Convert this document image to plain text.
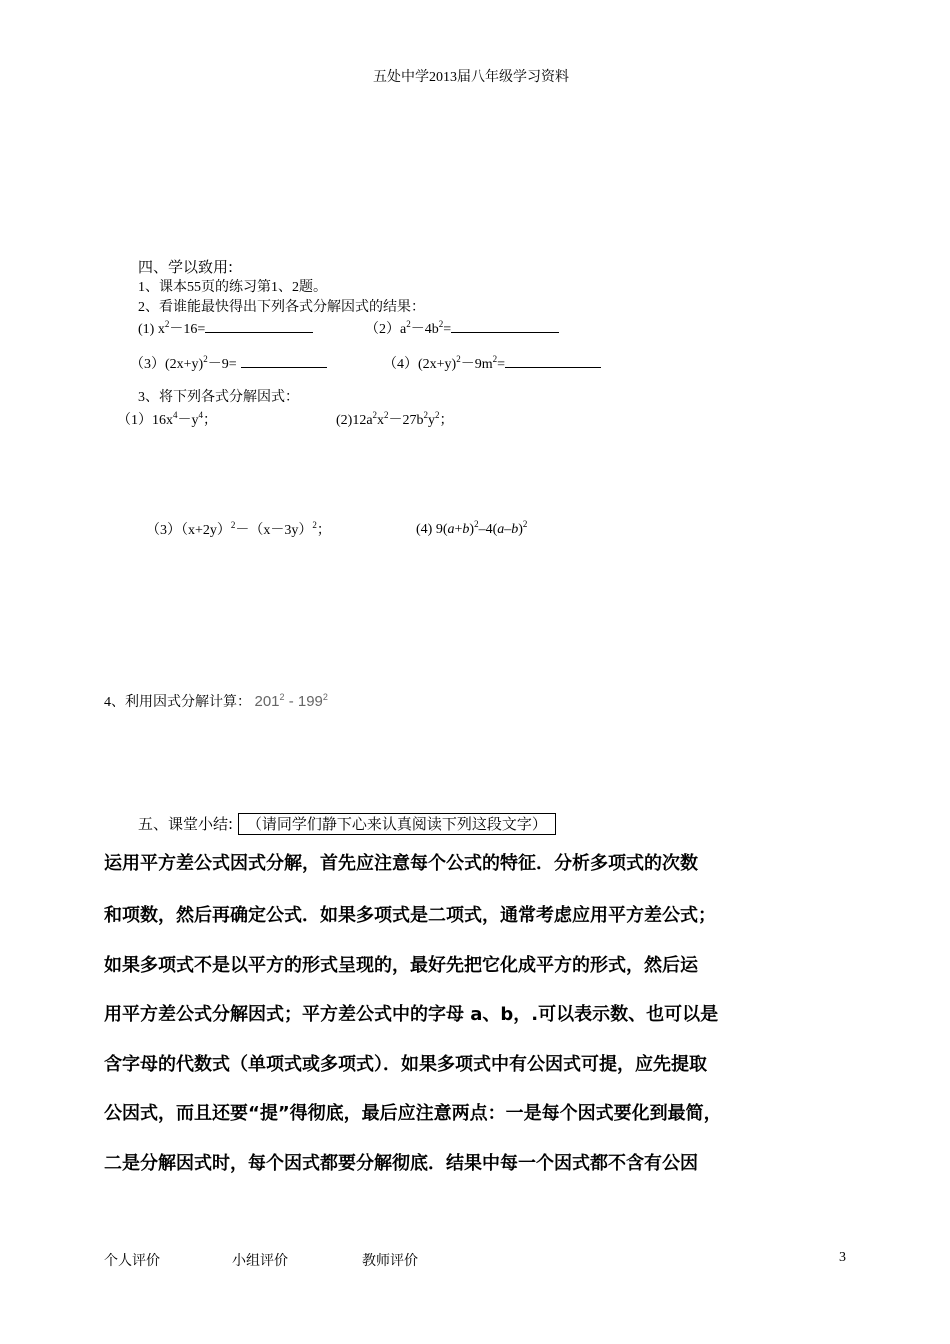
五处中学2013届八年级学习资料
四、学以致用:
1、课本55页的练习第1、2题。
2、看谁能最快得出下列各式分解因式的结果：
(1) $x^2-16=$	$(2)a^2-4b^2=$
$(3)(2x+y)^2-9=$	$(4)(2x+y)^2-9m^2=$
3、将下列各式分解因式：
$(1)16x^4-y^4$；	$(2)12a^2x^2-27b^2y^2$；
$(3)(x+2y)^2-(x-3y)^2$；	(4) $9(a+b)^2-4(a-b)^2$
4、利用因式分解计算： $201^2 - 199^2$
五、课堂小结: （请同学们静下心来认真阅读下列这段文字）
运用平方差公式因式分解，首先应注意每个公式的特征．分析多项式的次数
和项数，然后再确定公式．如果多项式是二项式，通常考虑应用平方差公式；
如果多项式不是以平方的形式呈现的，最好先把它化成平方的形式，然后运
用平方差公式分解因式；平方差公式中的字母 a、b，.可以表示数、也可以是
含字母的代数式（单项式或多项式）．如果多项式中有公因式可提，应先提取
公因式，而且还要“提”得彻底，最后应注意两点：一是每个因式要化到最简，
二是分解因式时，每个因式都要分解彻底．结果中每一个因式都不含有公因
个人评价	小组评价	教师评价	3
